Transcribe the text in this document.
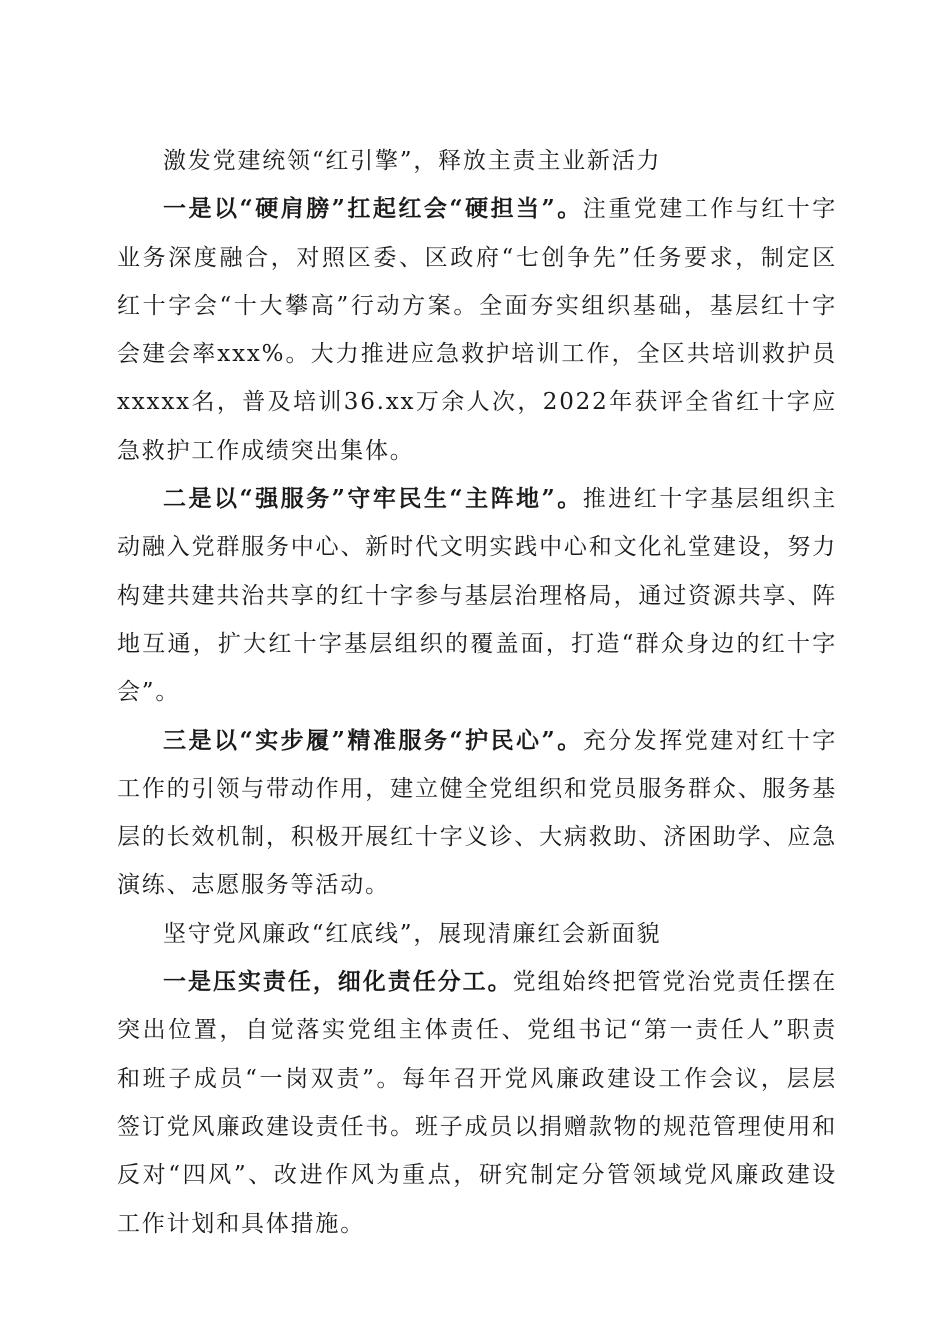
激发党建统领“红引擎”，释放主责主业新活力

一是以“硬肩膀”扛起红会“硬担当”。注重党建工作与红十字业务深度融合，对照区委、区政府“七创争先”任务要求，制定区红十字会“十大攀高”行动方案。全面夯实组织基础，基层红十字会建会率xxx%。大力推进应急救护培训工作，全区共培训救护员xxxxx名，普及培训36.xx万余人次，2022年获评全省红十字应急救护工作成绩突出集体。

二是以“强服务”守牢民生“主阵地”。推进红十字基层组织主动融入党群服务中心、新时代文明实践中心和文化礼堂建设，努力构建共建共治共享的红十字参与基层治理格局，通过资源共享、阵地互通，扩大红十字基层组织的覆盖面，打造“群众身边的红十字会”。

三是以“实步履”精准服务“护民心”。充分发挥党建对红十字工作的引领与带动作用，建立健全党组织和党员服务群众、服务基层的长效机制，积极开展红十字义诊、大病救助、济困助学、应急演练、志愿服务等活动。

坚守党风廉政“红底线”，展现清廉红会新面貌

一是压实责任，细化责任分工。党组始终把管党治党责任摆在突出位置，自觉落实党组主体责任、党组书记“第一责任人”职责和班子成员“一岗双责”。每年召开党风廉政建设工作会议，层层签订党风廉政建设责任书。班子成员以捐赠款物的规范管理使用和反对“四风”、改进作风为重点，研究制定分管领域党风廉政建设工作计划和具体措施。
